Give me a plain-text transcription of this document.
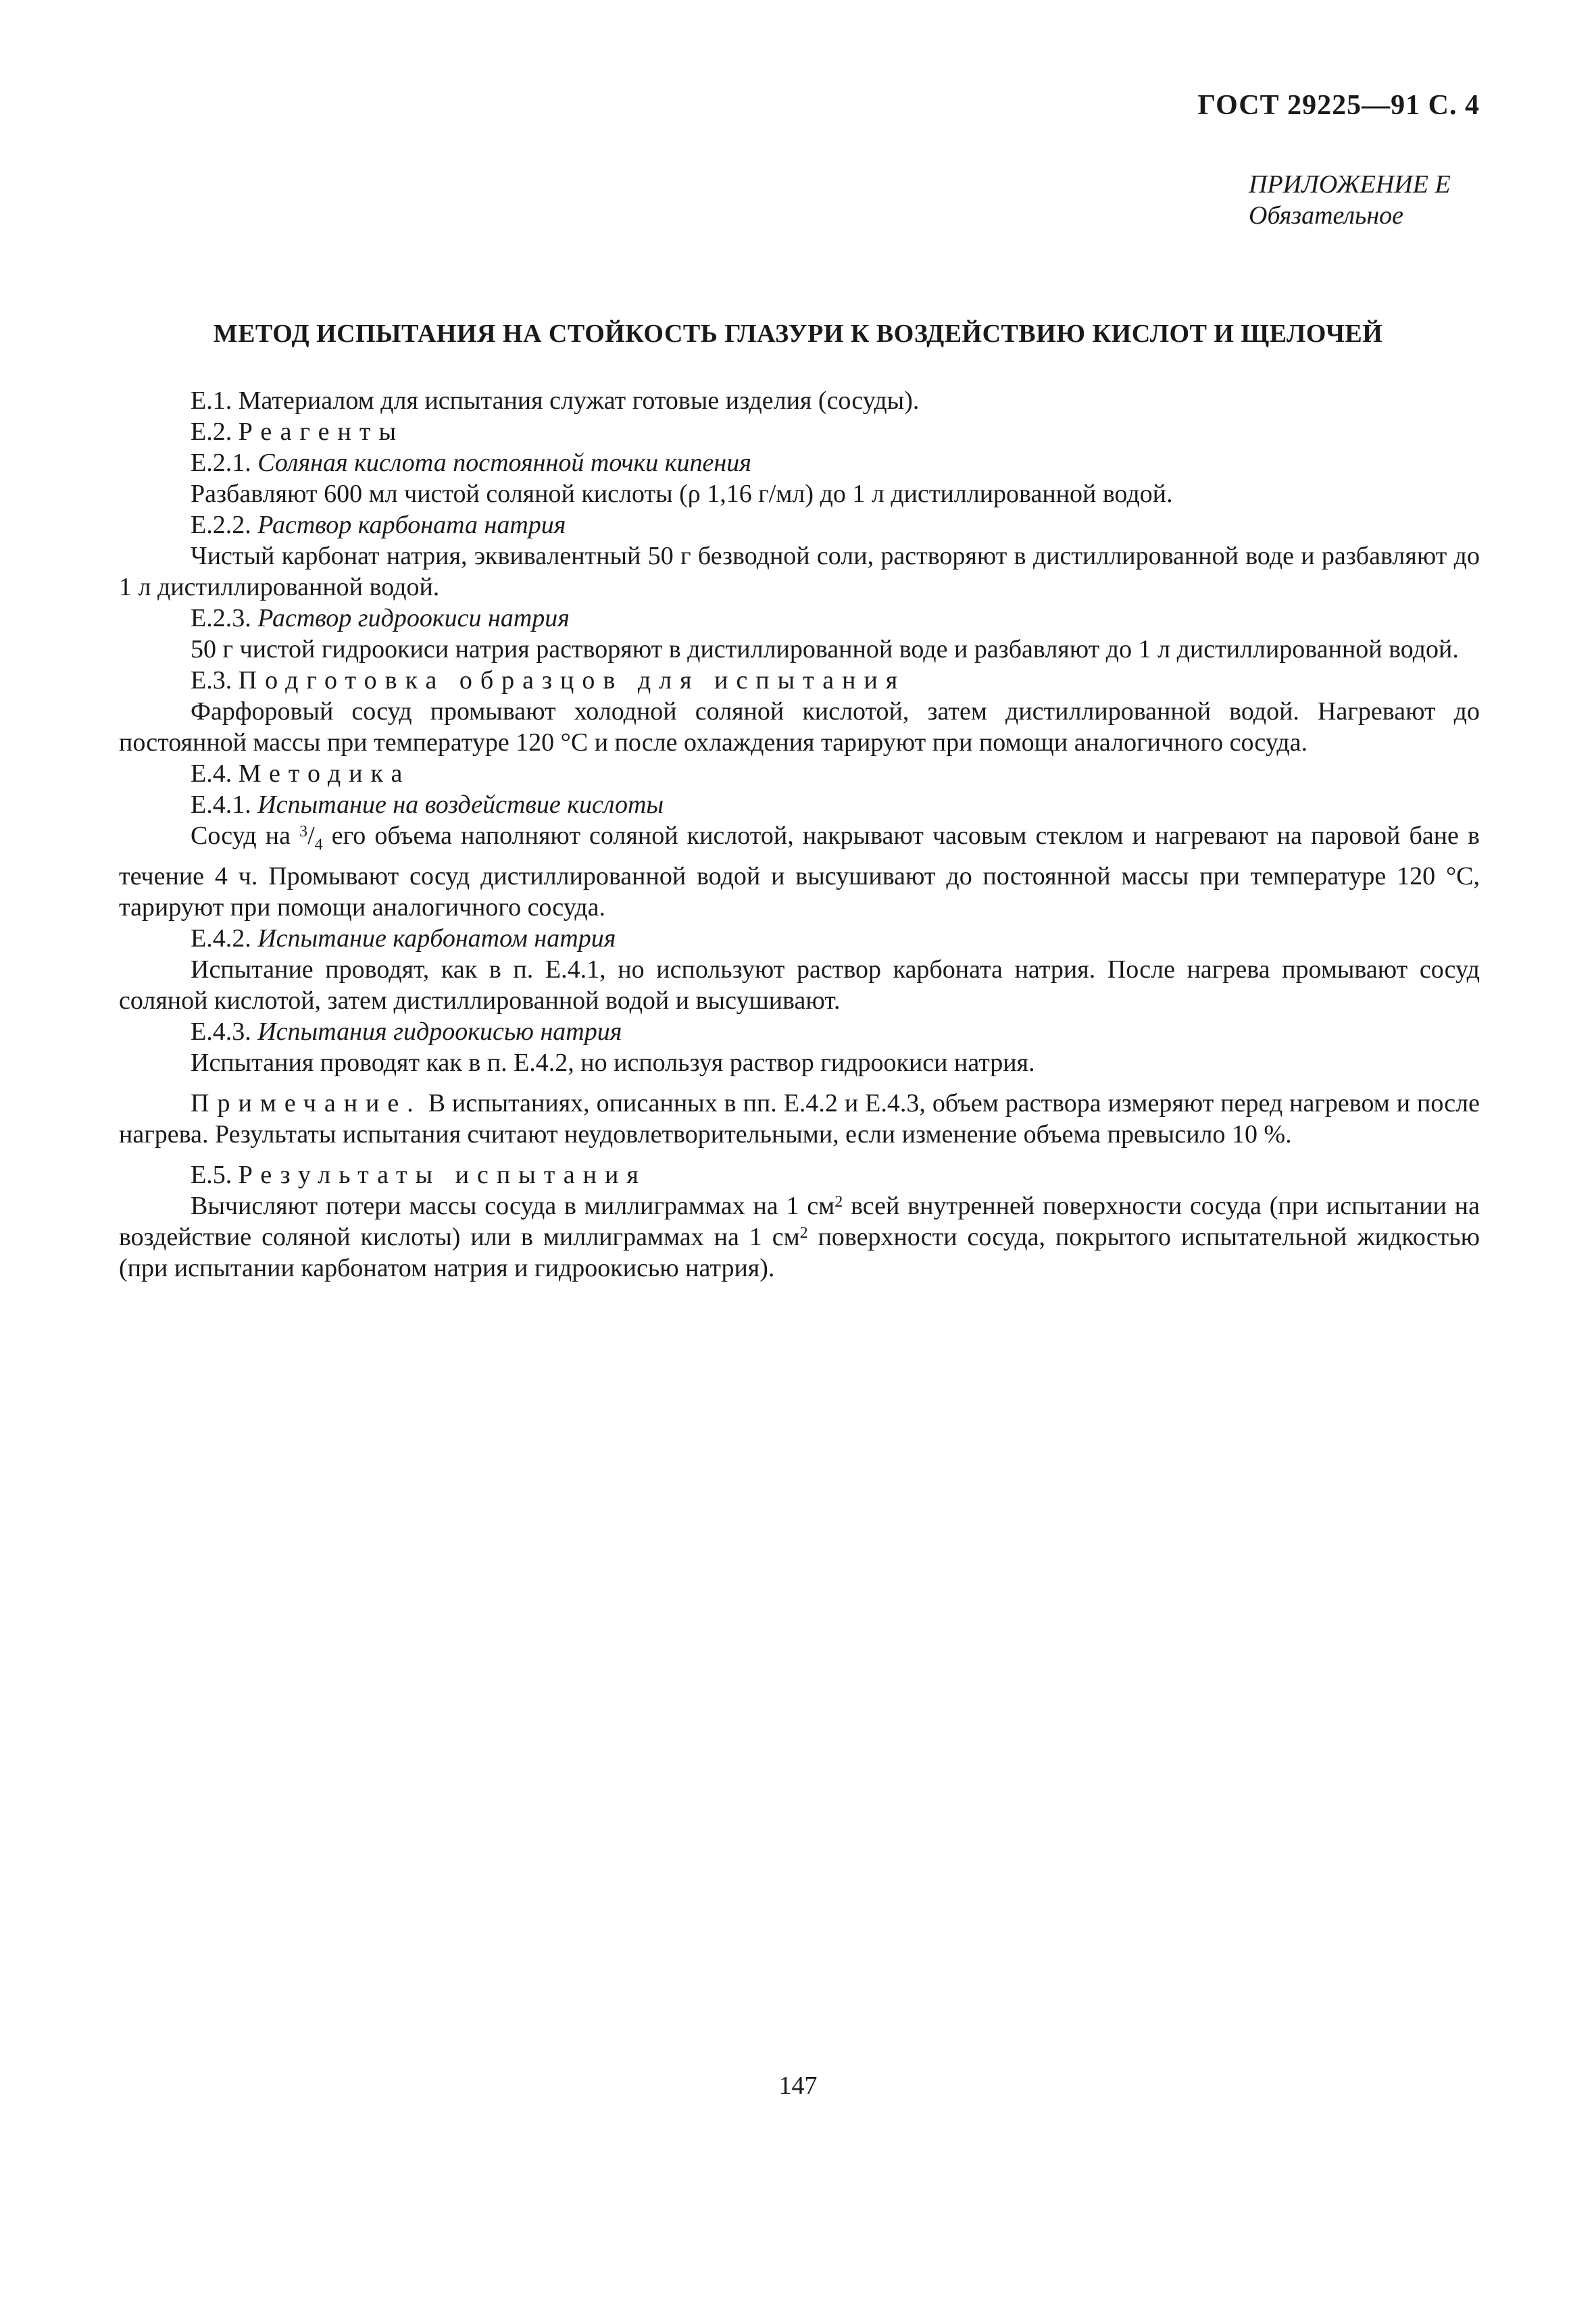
ГОСТ 29225—91 С. 4
ПРИЛОЖЕНИЕ Е
Обязательное
МЕТОД ИСПЫТАНИЯ НА СТОЙКОСТЬ ГЛАЗУРИ К ВОЗДЕЙСТВИЮ КИСЛОТ И ЩЕЛОЧЕЙ

Е.1. Материалом для испытания служат готовые изделия (сосуды).

Е.2. Реагенты

Е.2.1. Соляная кислота постоянной точки кипения

Разбавляют 600 мл чистой соляной кислоты (ρ 1,16 г/мл) до 1 л дистиллированной водой.

Е.2.2. Раствор карбоната натрия

Чистый карбонат натрия, эквивалентный 50 г безводной соли, растворяют в дистиллированной воде и разбавляют до 1 л дистиллированной водой.

Е.2.3. Раствор гидроокиси натрия

50 г чистой гидроокиси натрия растворяют в дистиллированной воде и разбавляют до 1 л дистиллированной водой.

Е.3. Подготовка образцов для испытания

Фарфоровый сосуд промывают холодной соляной кислотой, затем дистиллированной водой. Нагревают до постоянной массы при температуре 120 °С и после охлаждения тарируют при помощи аналогичного сосуда.

Е.4. Методика

Е.4.1. Испытание на воздействие кислоты

Сосуд на $^3/_4$ его объема наполняют соляной кислотой, накрывают часовым стеклом и нагревают на паровой бане в течение 4 ч. Промывают сосуд дистиллированной водой и высушивают до постоянной массы при температуре 120 °С, тарируют при помощи аналогичного сосуда.

Е.4.2. Испытание карбонатом натрия

Испытание проводят, как в п. Е.4.1, но используют раствор карбоната натрия. После нагрева промывают сосуд соляной кислотой, затем дистиллированной водой и высушивают.

Е.4.3. Испытания гидроокисью натрия

Испытания проводят как в п. Е.4.2, но используя раствор гидроокиси натрия.

Примечание. В испытаниях, описанных в пп. Е.4.2 и Е.4.3, объем раствора измеряют перед нагревом и после нагрева. Результаты испытания считают неудовлетворительными, если изменение объема превысило 10 %.

Е.5. Результаты испытания

Вычисляют потери массы сосуда в миллиграммах на 1 $см^2$ всей внутренней поверхности сосуда (при испытании на воздействие соляной кислоты) или в миллиграммах на 1 $см^2$ поверхности сосуда, покрытого испытательной жидкостью (при испытании карбонатом натрия и гидроокисью натрия).

147
